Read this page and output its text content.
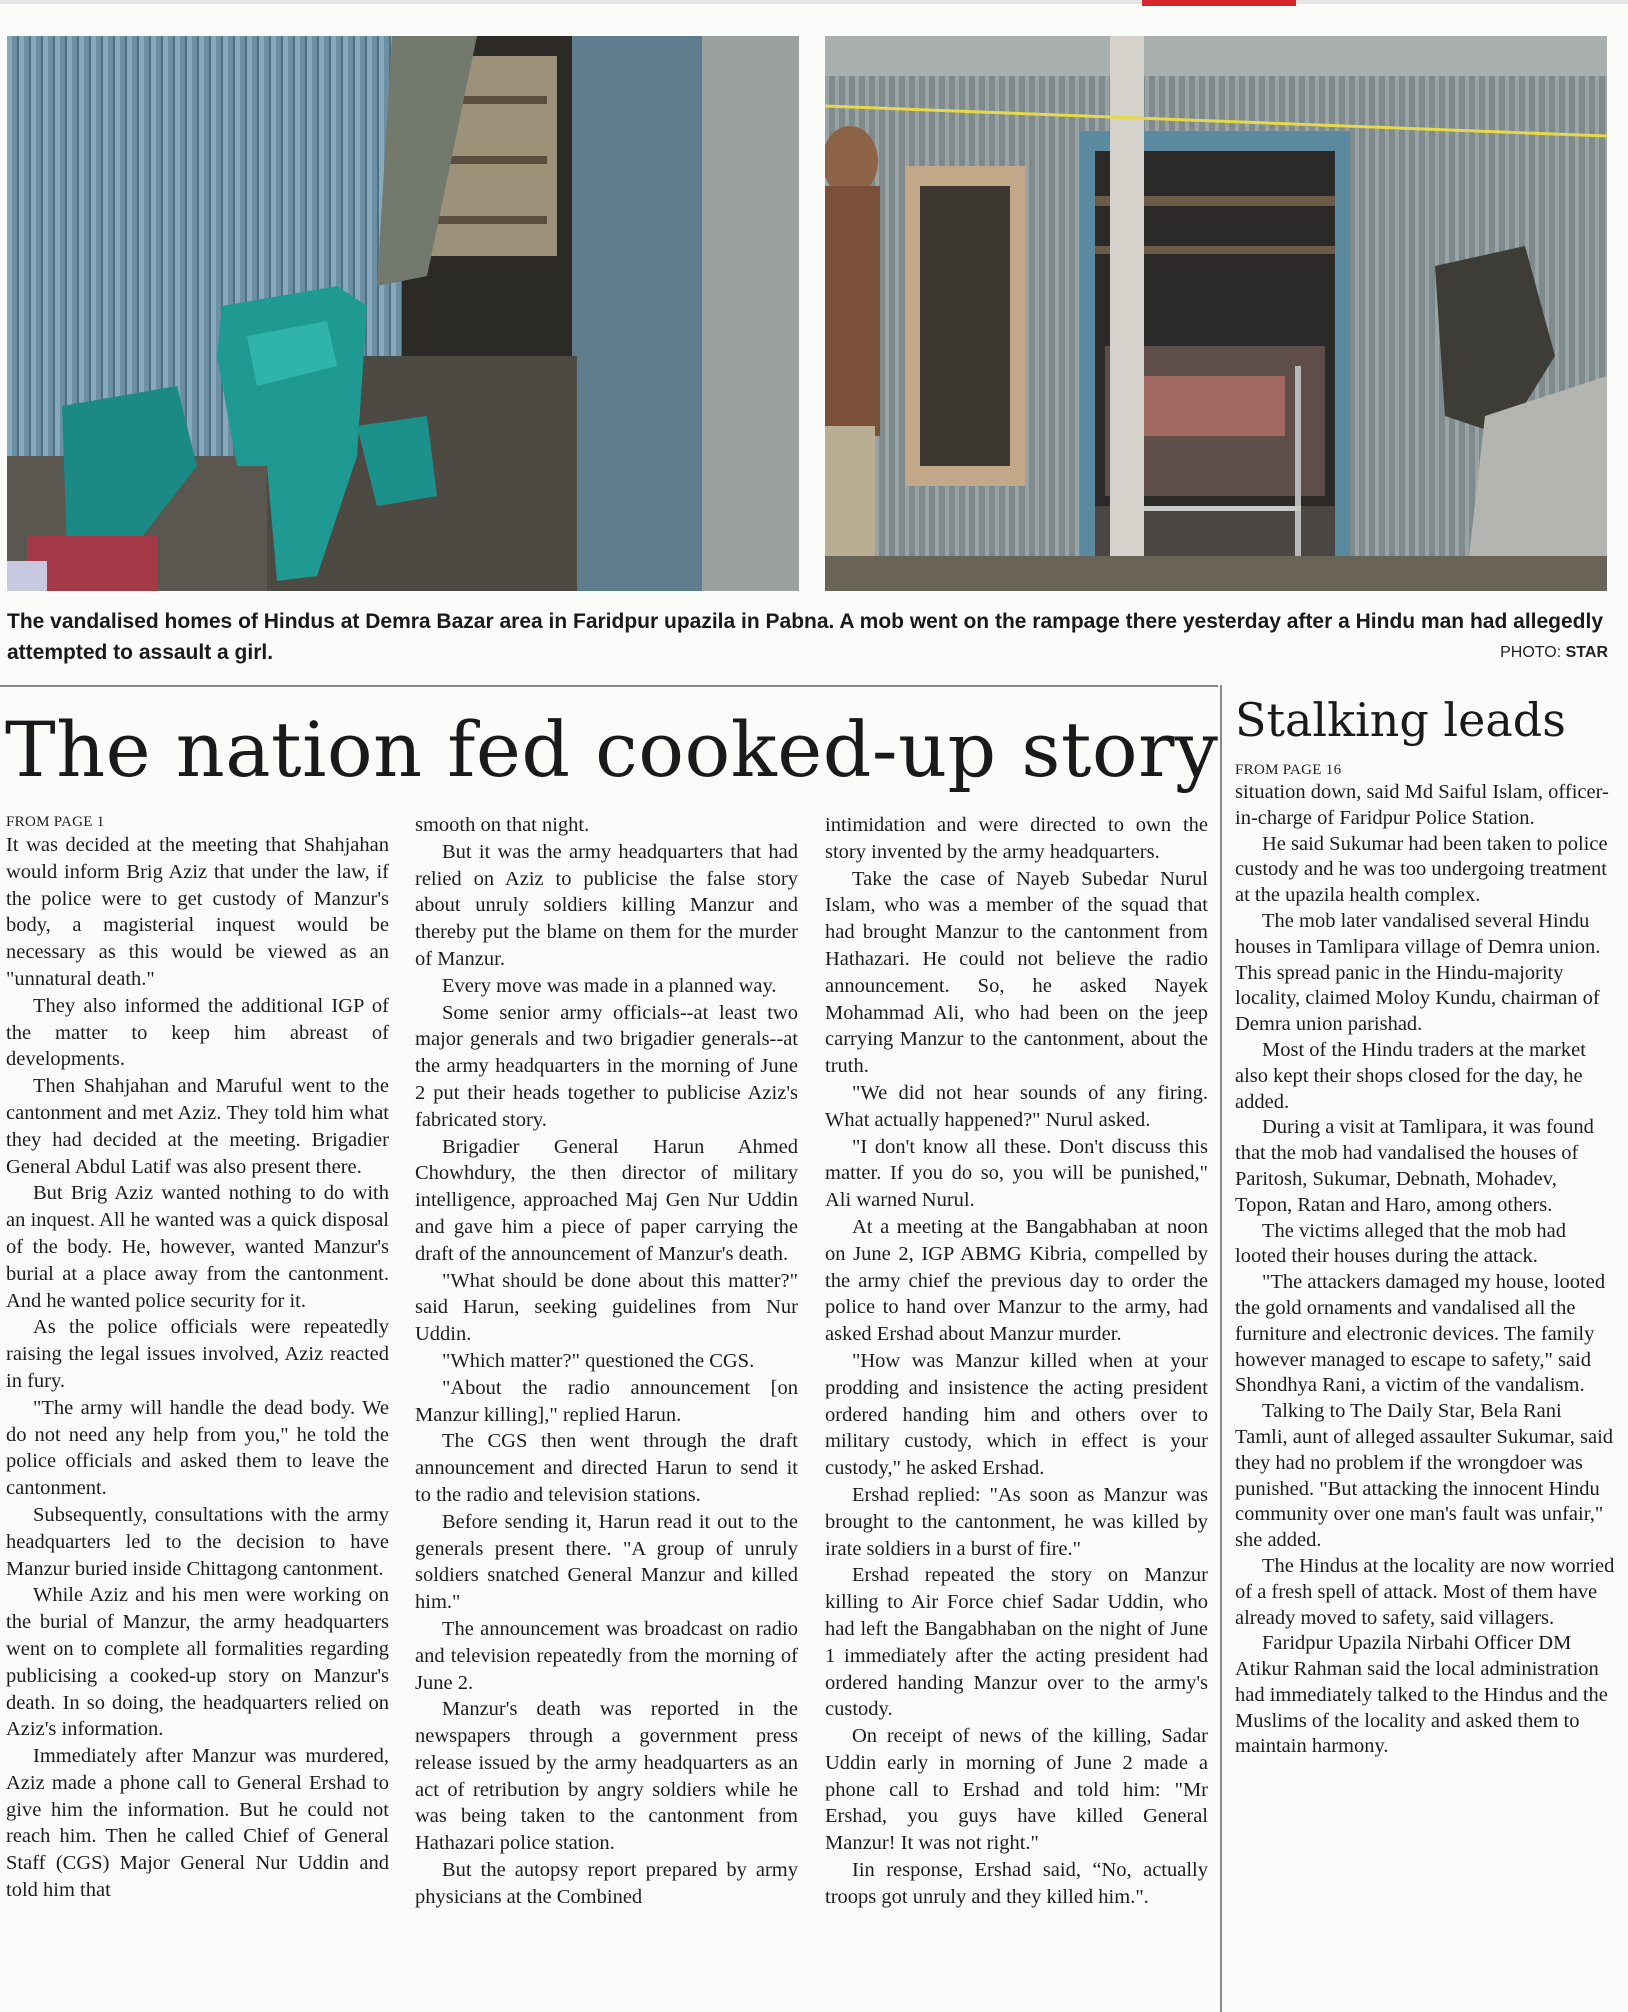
The vandalised homes of Hindus at Demra Bazar area in Faridpur upazila in Pabna. A mob went on the rampage there yesterday after a Hindu man had allegedly attempted to assault a girl.	PHOTO: STAR
The nation fed cooked-up story Stalking leads
FROM PAGE 1

It was decided at the meeting that Shahjahan would inform Brig Aziz that under the law, if the police were to get custody of Manzur's body, a magisterial inquest would be necessary as this would be viewed as an "unnatural death."

They also informed the additional IGP of the matter to keep him abreast of developments.

Then Shahjahan and Maruful went to the cantonment and met Aziz. They told him what they had decided at the meeting. Brigadier General Abdul Latif was also present there.

But Brig Aziz wanted nothing to do with an inquest. All he wanted was a quick disposal of the body. He, however, wanted Manzur's burial at a place away from the cantonment. And he wanted police security for it.

As the police officials were repeatedly raising the legal issues involved, Aziz reacted in fury.

"The army will handle the dead body. We do not need any help from you," he told the police officials and asked them to leave the cantonment.

Subsequently, consultations with the army headquarters led to the decision to have Manzur buried inside Chittagong cantonment.

While Aziz and his men were working on the burial of Manzur, the army headquarters went on to complete all formalities regarding publicising a cooked-up story on Manzur's death. In so doing, the headquarters relied on Aziz's information.

Immediately after Manzur was murdered, Aziz made a phone call to General Ershad to give him the information. But he could not reach him. Then he called Chief of General Staff (CGS) Major General Nur Uddin and told him that

smooth on that night.

But it was the army headquarters that had relied on Aziz to publicise the false story about unruly soldiers killing Manzur and thereby put the blame on them for the murder of Manzur.

Every move was made in a planned way.

Some senior army officials--at least two major generals and two brigadier generals--at the army headquarters in the morning of June 2 put their heads together to publicise Aziz's fabricated story.

Brigadier General Harun Ahmed Chowhdury, the then director of military intelligence, approached Maj Gen Nur Uddin and gave him a piece of paper carrying the draft of the announcement of Manzur's death.

"What should be done about this matter?" said Harun, seeking guidelines from Nur Uddin.

"Which matter?" questioned the CGS.

"About the radio announcement [on Manzur killing]," replied Harun.

The CGS then went through the draft announcement and directed Harun to send it to the radio and television stations.

Before sending it, Harun read it out to the generals present there. "A group of unruly soldiers snatched General Manzur and killed him."

The announcement was broadcast on radio and television repeatedly from the morning of June 2.

Manzur's death was reported in the newspapers through a government press release issued by the army headquarters as an act of retribution by angry soldiers while he was being taken to the cantonment from Hathazari police station.

But the autopsy report prepared by army physicians at the Combined

intimidation and were directed to own the story invented by the army headquarters.

Take the case of Nayeb Subedar Nurul Islam, who was a member of the squad that had brought Manzur to the cantonment from Hathazari. He could not believe the radio announcement. So, he asked Nayek Mohammad Ali, who had been on the jeep carrying Manzur to the cantonment, about the truth.

"We did not hear sounds of any firing. What actually happened?" Nurul asked.

"I don't know all these. Don't discuss this matter. If you do so, you will be punished," Ali warned Nurul.

At a meeting at the Bangabhaban at noon on June 2, IGP ABMG Kibria, compelled by the army chief the previous day to order the police to hand over Manzur to the army, had asked Ershad about Manzur murder.

"How was Manzur killed when at your prodding and insistence the acting president ordered handing him and others over to military custody, which in effect is your custody," he asked Ershad.

Ershad replied: "As soon as Manzur was brought to the cantonment, he was killed by irate soldiers in a burst of fire."

Ershad repeated the story on Manzur killing to Air Force chief Sadar Uddin, who had left the Bangabhaban on the night of June 1 immediately after the acting president had ordered handing Manzur over to the army's custody.

On receipt of news of the killing, Sadar Uddin early in morning of June 2 made a phone call to Ershad and told him: "Mr Ershad, you guys have killed General Manzur! It was not right."

Iin response, Ershad said, “No, actually troops got unruly and they killed him.".

FROM PAGE 16

situation down, said Md Saiful Islam, officer-in-charge of Faridpur Police Station.

He said Sukumar had been taken to police custody and he was too undergoing treatment at the upazila health complex.

The mob later vandalised several Hindu houses in Tamlipara village of Demra union. This spread panic in the Hindu-majority locality, claimed Moloy Kundu, chairman of Demra union parishad.

Most of the Hindu traders at the market also kept their shops closed for the day, he added.

During a visit at Tamlipara, it was found that the mob had vandalised the houses of Paritosh, Sukumar, Debnath, Mohadev, Topon, Ratan and Haro, among others.

The victims alleged that the mob had looted their houses during the attack.

"The attackers damaged my house, looted the gold ornaments and vandalised all the furniture and electronic devices. The family however managed to escape to safety," said Shondhya Rani, a victim of the vandalism.

Talking to The Daily Star, Bela Rani Tamli, aunt of alleged assaulter Sukumar, said they had no problem if the wrongdoer was punished. "But attacking the innocent Hindu community over one man's fault was unfair," she added.

The Hindus at the locality are now worried of a fresh spell of attack. Most of them have already moved to safety, said villagers.

Faridpur Upazila Nirbahi Officer DM Atikur Rahman said the local administration had immediately talked to the Hindus and the Muslims of the locality and asked them to maintain harmony.
